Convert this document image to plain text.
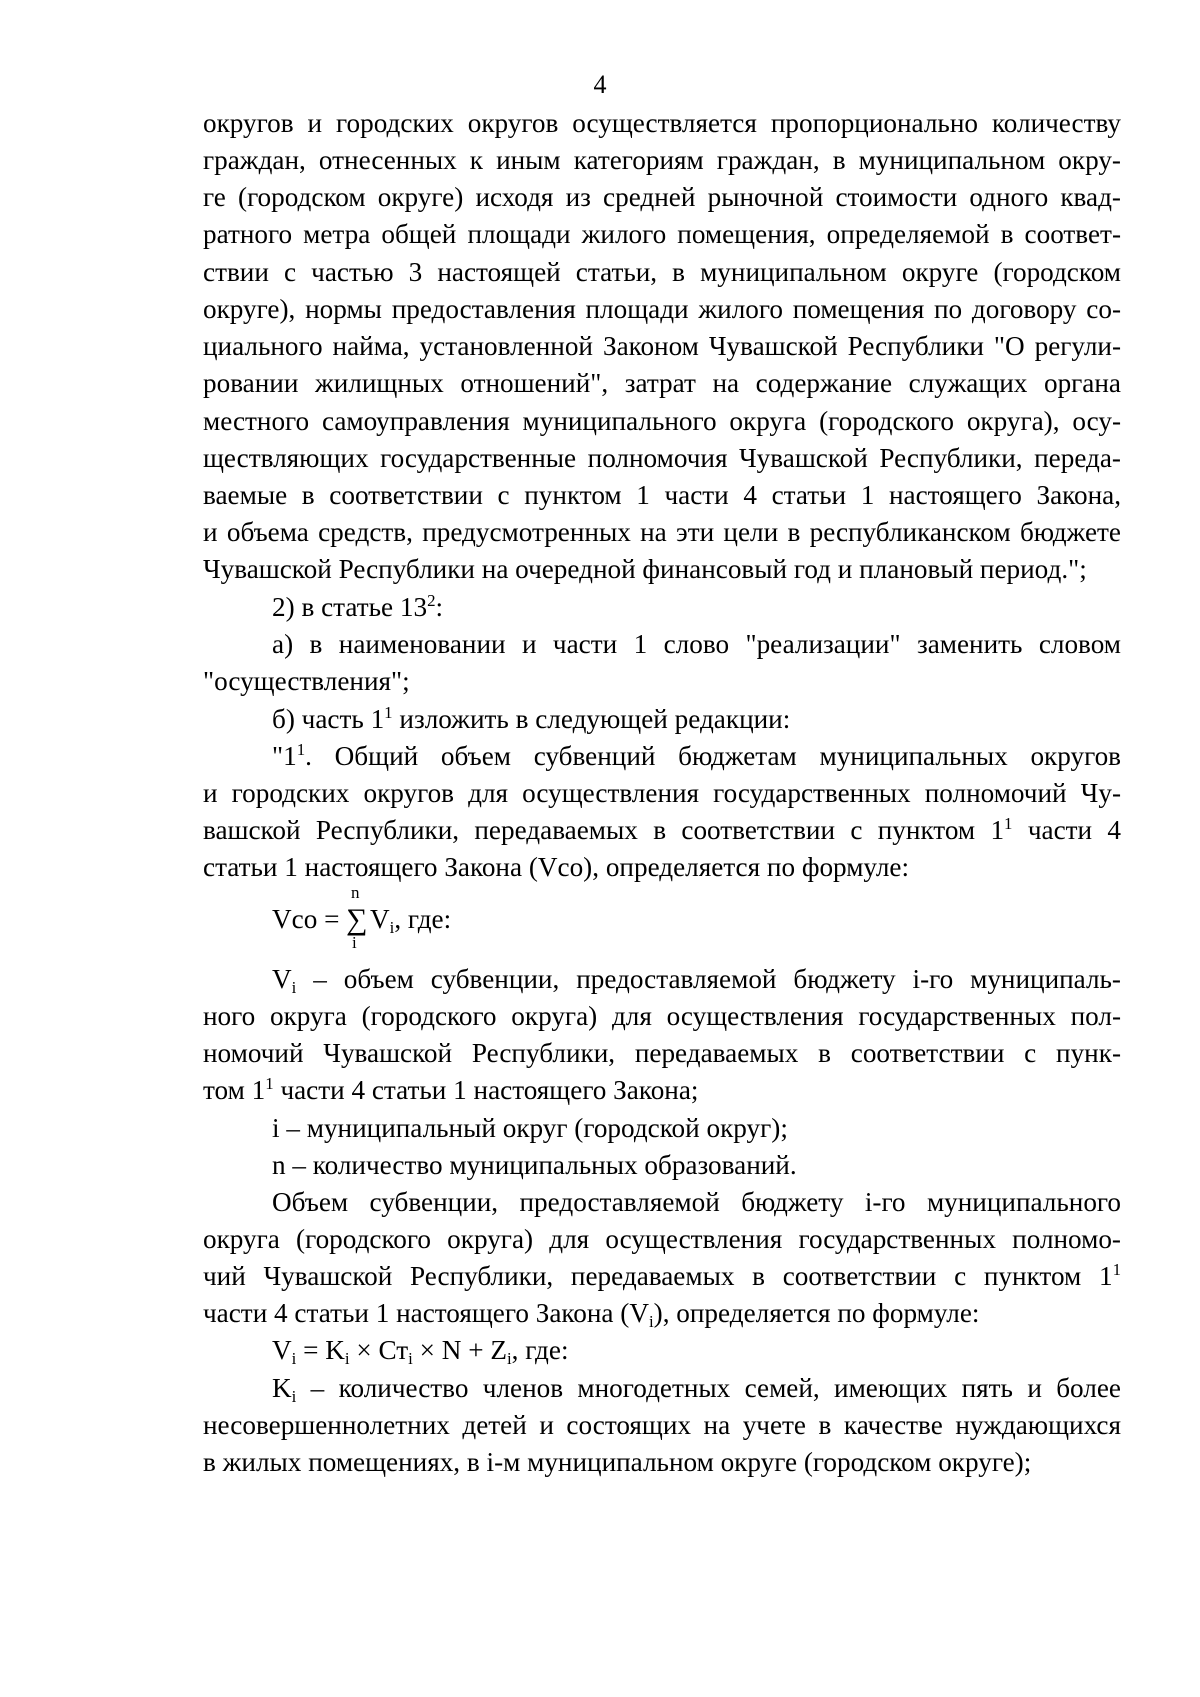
4
округов и городских округов осуществляется пропорционально количеству
граждан, отнесенных к иным категориям граждан, в муниципальном окру-
ге (городском округе) исходя из средней рыночной стоимости одного квад-
ратного метра общей площади жилого помещения, определяемой в соответ-
ствии с частью 3 настоящей статьи, в муниципальном округе (городском
округе), нормы предоставления площади жилого помещения по договору со-
циального найма, установленной Законом Чувашской Республики "О регули-
ровании жилищных отношений", затрат на содержание служащих органа
местного самоуправления муниципального округа (городского округа), осу-
ществляющих государственные полномочия Чувашской Республики, переда-
ваемые в соответствии с пунктом 1 части 4 статьи 1 настоящего Закона,
и объема средств, предусмотренных на эти цели в республиканском бюджете
Чувашской Республики на очередной финансовый год и плановый период.";
2) в статье $13^2$:
а) в наименовании и части 1 слово "реализации" заменить словом
"осуществления";
б) часть $1^1$ изложить в следующей редакции:
"$1^1$. Общий объем субвенций бюджетам муниципальных округов
и городских округов для осуществления государственных полномочий Чу-
вашской Республики, передаваемых в соответствии с пунктом $1^1$ части 4
статьи 1 настоящего Закона (Vco), определяется по формуле:
Vco =
n
∑
i
$V_i$, где:
$V_i$ – объем субвенции, предоставляемой бюджету i-го муниципаль-
ного округа (городского округа) для осуществления государственных пол-
номочий Чувашской Республики, передаваемых в соответствии с пунк-
том $1^1$ части 4 статьи 1 настоящего Закона;
i – муниципальный округ (городской округ);
n – количество муниципальных образований.
Объем субвенции, предоставляемой бюджету i-го муниципального
округа (городского округа) для осуществления государственных полномо-
чий Чувашской Республики, передаваемых в соответствии с пунктом $1^1$
части 4 статьи 1 настоящего Закона $(V_i)$, определяется по формуле:
$V_i = K_i \times Ст_i \times N + Z_i$, где:
$K_i$ – количество членов многодетных семей, имеющих пять и более
несовершеннолетних детей и состоящих на учете в качестве нуждающихся
в жилых помещениях, в i-м муниципальном округе (городском округе);
